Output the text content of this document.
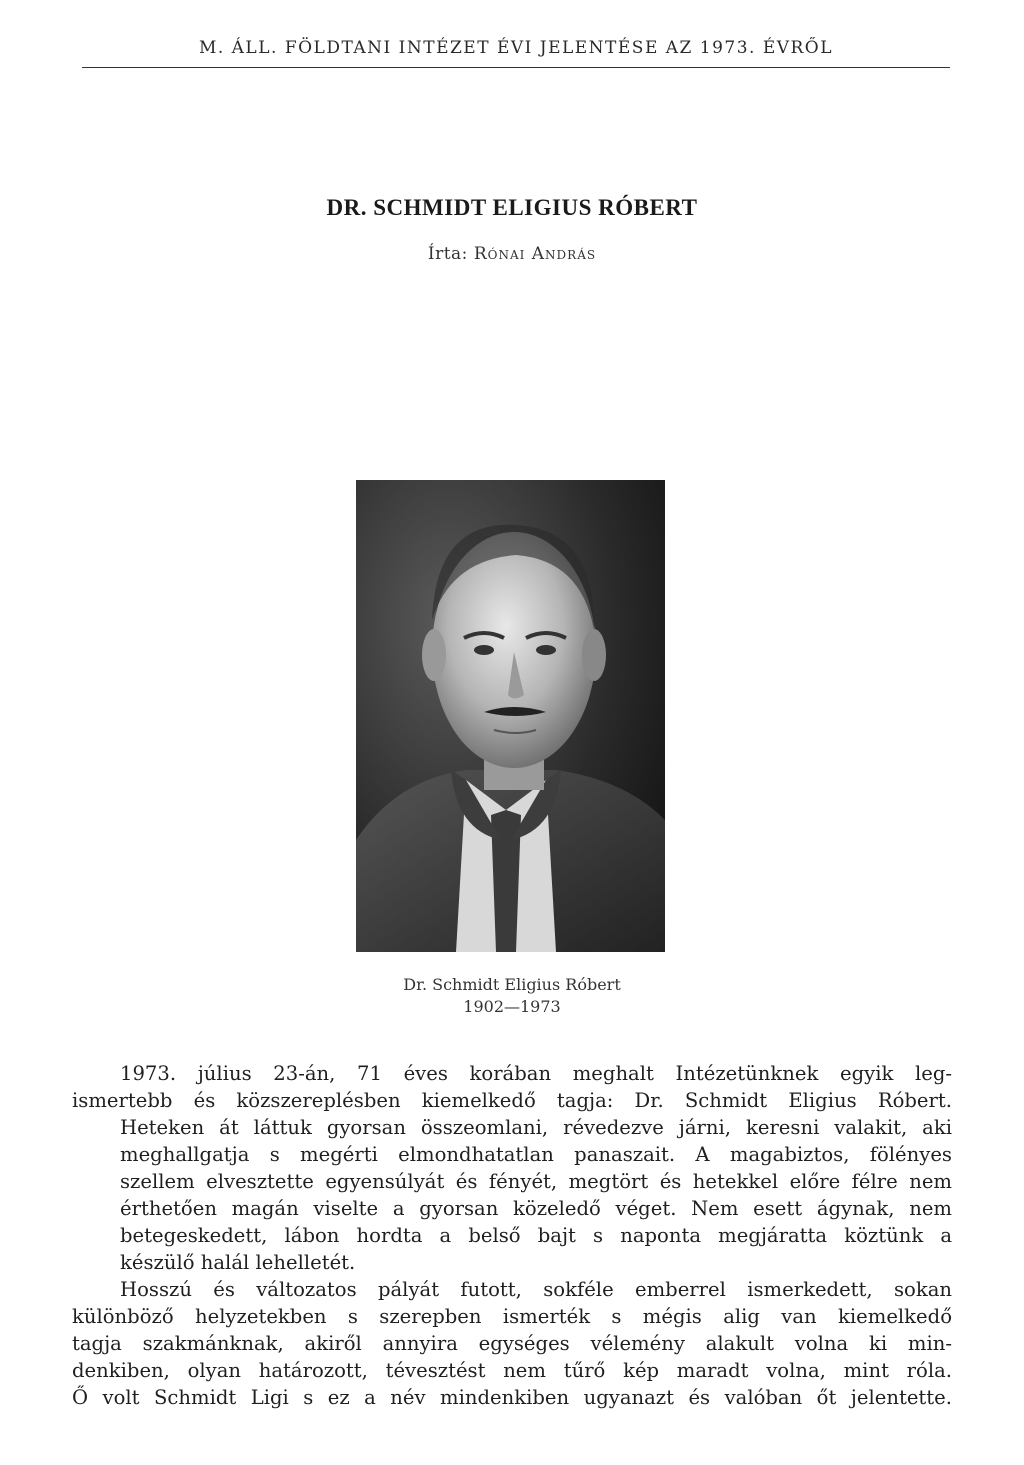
M. ÁLL. FÖLDTANI INTÉZET ÉVI JELENTÉSE AZ 1973. ÉVRŐL
DR. SCHMIDT ELIGIUS RÓBERT
Írta: Rónai András
Dr. Schmidt Eligius Róbert
1902—1973

1973. július 23-án, 71 éves korában meghalt Intézetünknek egyik leg-
ismertebb és közszereplésben kiemelkedő tagja: Dr. Schmidt Eligius Róbert.
Heteken át láttuk gyorsan összeomlani, révedezve járni, keresni valakit, aki
meghallgatja s megérti elmondhatatlan panaszait. A magabiztos, fölényes
szellem elvesztette egyensúlyát és fényét, megtört és hetekkel előre félre nem
érthetően magán viselte a gyorsan közeledő véget. Nem esett ágynak, nem
betegeskedett, lábon hordta a belső bajt s naponta megjáratta köztünk a
készülő halál lehelletét.

Hosszú és változatos pályát futott, sokféle emberrel ismerkedett, sokan
különböző helyzetekben s szerepben ismerték s mégis alig van kiemelkedő
tagja szakmánknak, akiről annyira egységes vélemény alakult volna ki min-
denkiben, olyan határozott, tévesztést nem tűrő kép maradt volna, mint róla.
Ő volt Schmidt Ligi s ez a név mindenkiben ugyanazt és valóban őt jelentette.
